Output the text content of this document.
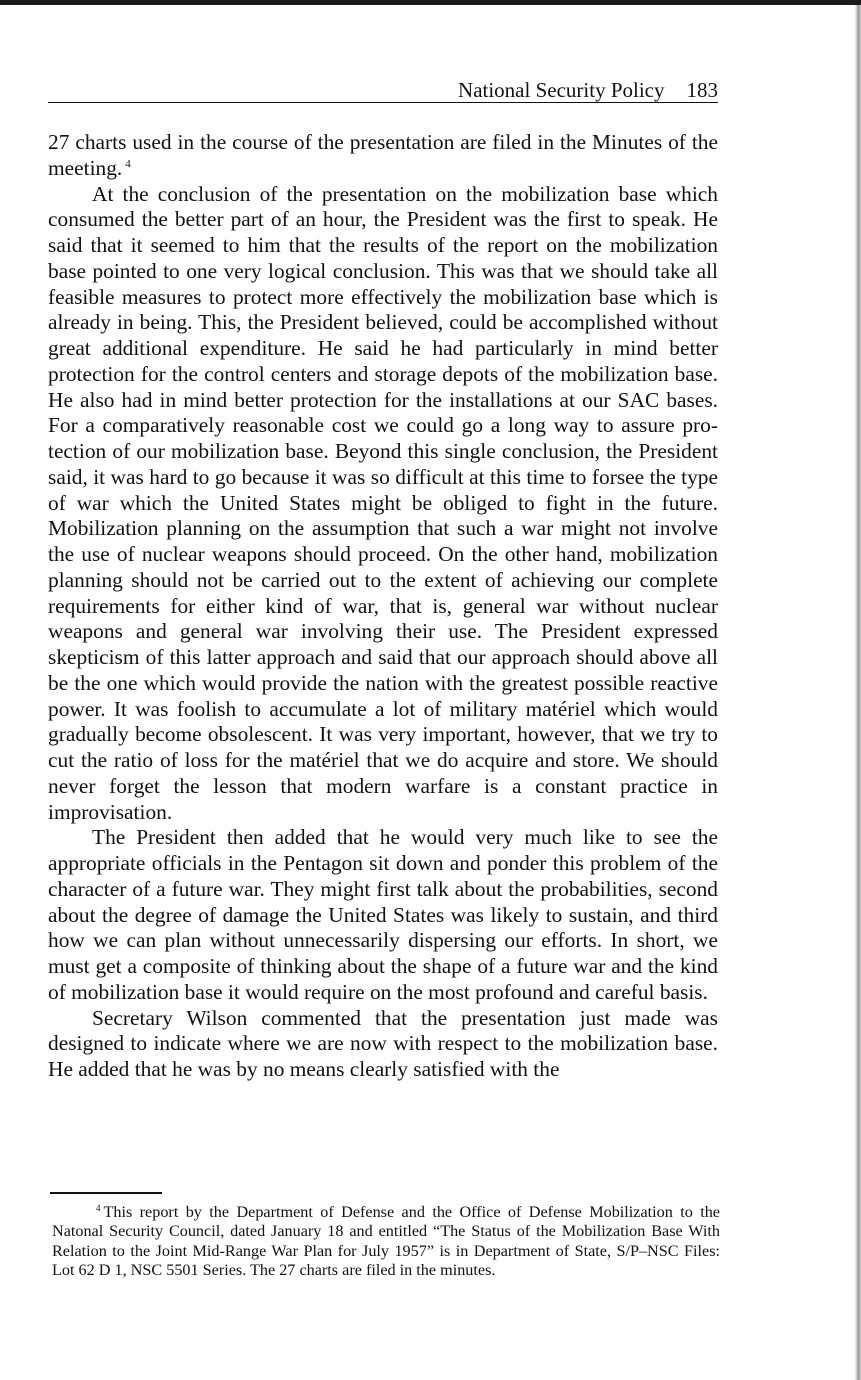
National Security Policy 183

27 charts used in the course of the presentation are filed in the Minutes of the meeting. $^4$

At the conclusion of the presentation on the mobilization base which consumed the better part of an hour, the President was the first to speak. He said that it seemed to him that the results of the report on the mobilization base pointed to one very logical conclusion. This was that we should take all feasible measures to protect more effectively the mobilization base which is already in being. This, the President believed, could be accomplished without great additional expenditure. He said he had particularly in mind better protection for the control centers and storage depots of the mobilization base. He also had in mind better protection for the installations at our SAC bases. For a comparatively reasonable cost we could go a long way to assure protection of our mobilization base. Beyond this single conclusion, the President said, it was hard to go because it was so difficult at this time to forsee the type of war which the United States might be obliged to fight in the future. Mobilization planning on the assumption that such a war might not involve the use of nuclear weapons should proceed. On the other hand, mobilization planning should not be carried out to the extent of achieving our complete requirements for either kind of war, that is, general war without nuclear weapons and general war involving their use. The President expressed skepticism of this latter approach and said that our approach should above all be the one which would provide the nation with the greatest possible reactive power. It was foolish to accumulate a lot of military matériel which would gradually become obsolescent. It was very important, however, that we try to cut the ratio of loss for the matériel that we do acquire and store. We should never forget the lesson that modern warfare is a constant practice in improvisation.

The President then added that he would very much like to see the appropriate officials in the Pentagon sit down and ponder this problem of the character of a future war. They might first talk about the probabilities, second about the degree of damage the United States was likely to sustain, and third how we can plan without unnecessarily dispersing our efforts. In short, we must get a composite of thinking about the shape of a future war and the kind of mobilization base it would require on the most profound and careful basis.

Secretary Wilson commented that the presentation just made was designed to indicate where we are now with respect to the mobilization base. He added that he was by no means clearly satisfied with the

$^4$ This report by the Department of Defense and the Office of Defense Mobilization to the Natonal Security Council, dated January 18 and entitled “The Status of the Mobilization Base With Relation to the Joint Mid-Range War Plan for July 1957” is in Department of State, S/P–NSC Files: Lot 62 D 1, NSC 5501 Series. The 27 charts are filed in the minutes.
